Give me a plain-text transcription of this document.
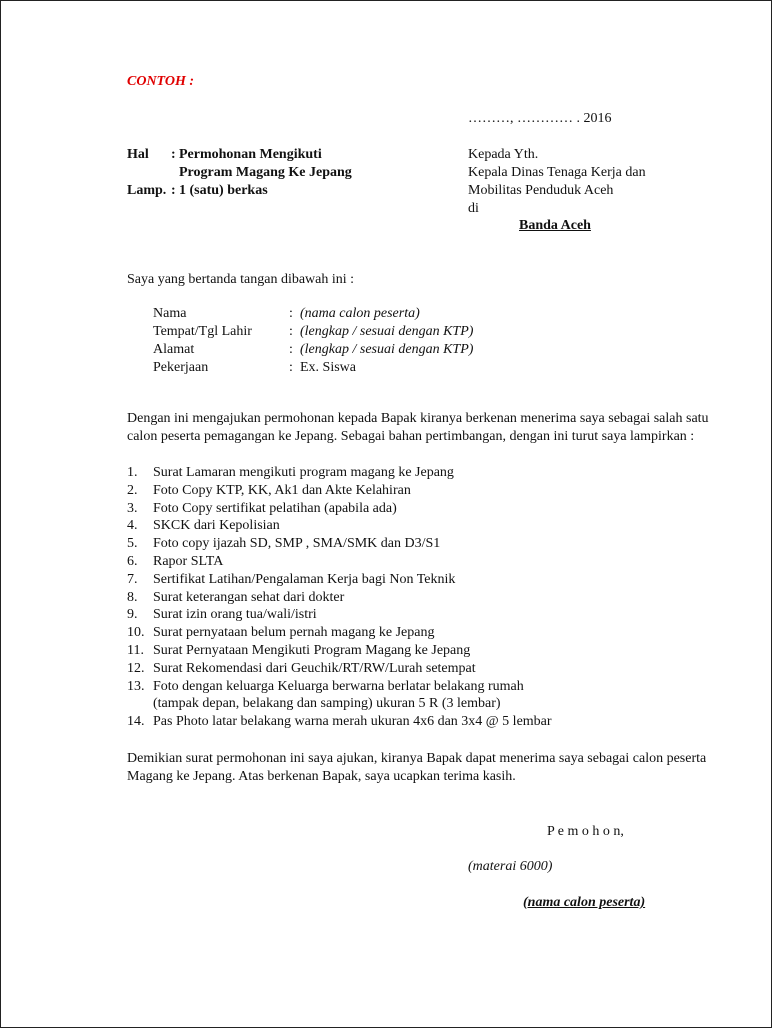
CONTOH :
………, ………… . 2016
Hal : Permohonan Mengikuti
Program Magang Ke Jepang
Lamp. : 1 (satu) berkas
Kepada Yth.
Kepala Dinas Tenaga Kerja dan
Mobilitas Penduduk Aceh
di
Banda Aceh
Saya yang bertanda tangan dibawah ini :
Nama	: (nama calon peserta)
Tempat/Tgl Lahir	: (lengkap / sesuai dengan KTP)
Alamat	: (lengkap / sesuai dengan KTP)
Pekerjaan	: Ex. Siswa
Dengan ini mengajukan permohonan kepada Bapak kiranya berkenan menerima saya sebagai salah satu
calon peserta pemagangan ke Jepang. Sebagai bahan pertimbangan, dengan ini turut saya lampirkan :
1. Surat Lamaran mengikuti program magang ke Jepang
2. Foto Copy KTP, KK, Ak1 dan Akte Kelahiran
3. Foto Copy sertifikat pelatihan (apabila ada)
4. SKCK dari Kepolisian
5. Foto copy ijazah SD, SMP , SMA/SMK dan D3/S1
6. Rapor SLTA
7. Sertifikat Latihan/Pengalaman Kerja bagi Non Teknik
8. Surat keterangan sehat dari dokter
9. Surat izin orang tua/wali/istri
10. Surat pernyataan belum pernah magang ke Jepang
11. Surat Pernyataan Mengikuti Program Magang ke Jepang
12. Surat Rekomendasi dari Geuchik/RT/RW/Lurah setempat
13. Foto dengan keluarga Keluarga berwarna berlatar belakang rumah
(tampak depan, belakang dan samping) ukuran 5 R (3 lembar)
14. Pas Photo latar belakang warna merah ukuran 4x6 dan 3x4 @ 5 lembar
Demikian surat permohonan ini saya ajukan, kiranya Bapak dapat menerima saya sebagai calon peserta
Magang ke Jepang. Atas berkenan Bapak, saya ucapkan terima kasih.
P e m o h o n,
(materai 6000)
(nama calon peserta)
